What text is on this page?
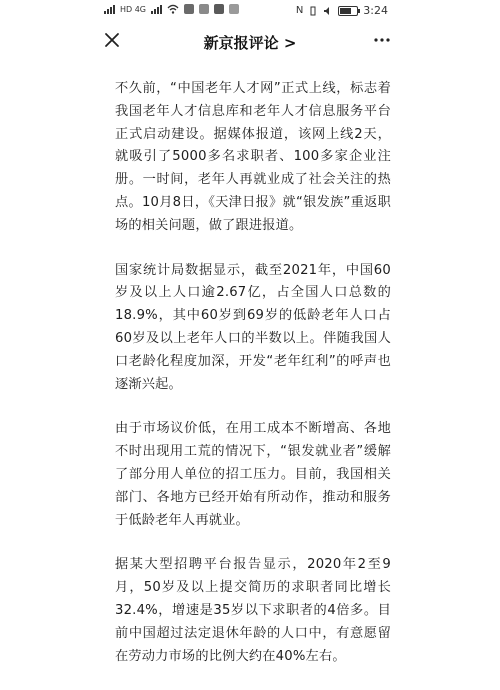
HD 4G	N	3:24
新京报评论 >

不久前，“中国老年人才网”正式上线，标志着我国老年人才信息库和老年人才信息服务平台正式启动建设。据媒体报道，该网上线2天，就吸引了5000多名求职者、100多家企业注册。一时间，老年人再就业成了社会关注的热点。10月8日，《天津日报》就“银发族”重返职场的相关问题，做了跟进报道。

国家统计局数据显示，截至2021年，中国60岁及以上人口逾2.67亿，占全国人口总数的18.9%，其中60岁到69岁的低龄老年人口占60岁及以上老年人口的半数以上。伴随我国人口老龄化程度加深，开发“老年红利”的呼声也逐渐兴起。

由于市场议价低，在用工成本不断增高、各地不时出现用工荒的情况下，“银发就业者”缓解了部分用人单位的招工压力。目前，我国相关部门、各地方已经开始有所动作，推动和服务于低龄老年人再就业。

据某大型招聘平台报告显示，2020年2至9月，50岁及以上提交简历的求职者同比增长32.4%，增速是35岁以下求职者的4倍多。目前中国超过法定退休年龄的人口中，有意愿留在劳动力市场的比例大约在40%左右。
